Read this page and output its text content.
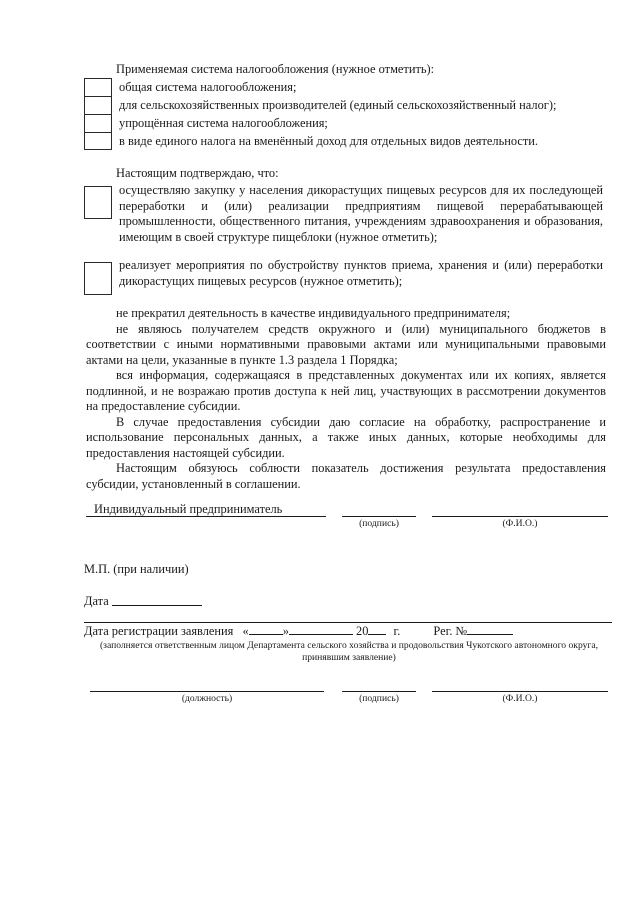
Применяемая система налогообложения (нужное отметить):
общая система налогообложения;
для сельскохозяйственных производителей (единый сельскохозяйственный налог);
упрощённая система налогообложения;
в виде единого налога на вменённый доход для отдельных видов деятельности.
Настоящим подтверждаю, что:
осуществляю закупку у населения дикорастущих пищевых ресурсов для их последующей переработки и (или) реализации предприятиям пищевой перерабатывающей промышленности, общественного питания, учреждениям здравоохранения и образования, имеющим в своей структуре пищеблоки (нужное отметить);
реализует мероприятия по обустройству пунктов приема, хранения и (или) переработки дикорастущих пищевых ресурсов (нужное отметить);
не прекратил деятельность в качестве индивидуального предпринимателя;
не являюсь получателем средств окружного и (или) муниципального бюджетов в соответствии с иными нормативными правовыми актами или муниципальными правовыми актами на цели, указанные в пункте 1.3 раздела 1 Порядка;
вся информация, содержащаяся в представленных документах или их копиях, является подлинной, и не возражаю против доступа к ней лиц, участвующих в рассмотрении документов на предоставление субсидии.
В случае предоставления субсидии даю согласие на обработку, распространение и использование персональных данных, а также иных данных, которые необходимы для предоставления настоящей субсидии.
Настоящим обязуюсь соблюсти показатель достижения результата предоставления субсидии, установленный в соглашении.
Индивидуальный предприниматель
(подпись)	(Ф.И.О.)
М.П. (при наличии)
Дата
Дата регистрации заявления «	»	20 г.	Рег. №
(заполняется ответственным лицом Департамента сельского хозяйства и продовольствия Чукотского автономного округа, принявшим заявление)
(должность)	(подпись)	(Ф.И.О.)
